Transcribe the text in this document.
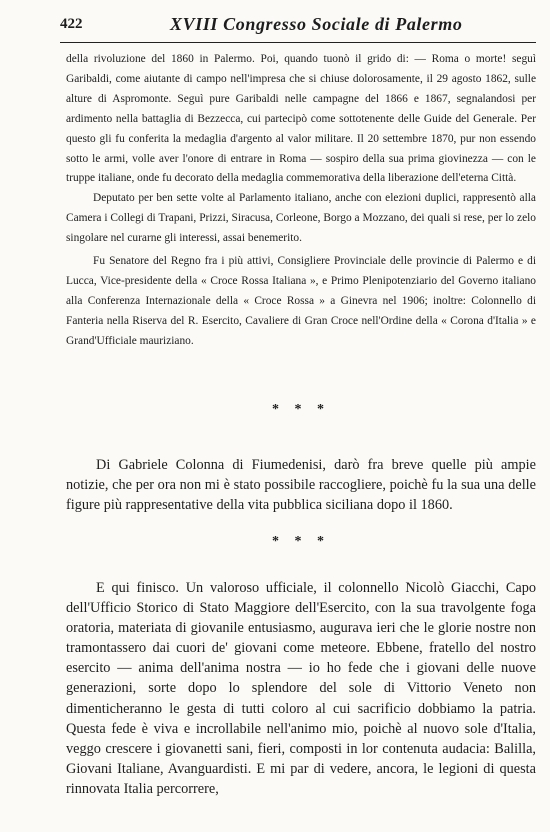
422	XVIII Congresso Sociale di Palermo

della rivoluzione del 1860 in Palermo. Poi, quando tuonò il grido di: — Roma o morte! seguì Garibaldi, come aiutante di campo nell'impresa che si chiuse dolorosamente, il 29 agosto 1862, sulle alture di Aspromonte. Seguì pure Garibaldi nelle campagne del 1866 e 1867, segnalandosi per ardimento nella battaglia di Bezzecca, cui partecipò come sottotenente delle Guide del Generale. Per questo gli fu conferita la medaglia d'argento al valor militare. Il 20 settembre 1870, pur non essendo sotto le armi, volle aver l'onore di entrare in Roma — sospiro della sua prima giovinezza — con le truppe italiane, onde fu decorato della medaglia commemorativa della liberazione dell'eterna Città.

Deputato per ben sette volte al Parlamento italiano, anche con elezioni duplici, rappresentò alla Camera i Collegi di Trapani, Prizzi, Siracusa, Corleone, Borgo a Mozzano, dei quali si rese, per lo zelo singolare nel curarne gli interessi, assai benemerito.

Fu Senatore del Regno fra i più attivi, Consigliere Provinciale delle provincie di Palermo e di Lucca, Vice-presidente della « Croce Rossa Italiana », e Primo Plenipotenziario del Governo italiano alla Conferenza Internazionale della « Croce Rossa » a Ginevra nel 1906; inoltre: Colonnello di Fanteria nella Riserva del R. Esercito, Cavaliere di Gran Croce nell'Ordine della « Corona d'Italia » e Grand'Ufficiale mauriziano.

* * *

Di Gabriele Colonna di Fiumedenisi, darò fra breve quelle più ampie notizie, che per ora non mi è stato possibile raccogliere, poichè fu la sua una delle figure più rappresentative della vita pubblica siciliana dopo il 1860.

* * *

E qui finisco. Un valoroso ufficiale, il colonnello Nicolò Giacchi, Capo dell'Ufficio Storico di Stato Maggiore dell'Esercito, con la sua travolgente foga oratoria, materiata di giovanile entusiasmo, augurava ieri che le glorie nostre non tramontassero dai cuori de' giovani come meteore. Ebbene, fratello del nostro esercito — anima dell'anima nostra — io ho fede che i giovani delle nuove generazioni, sorte dopo lo splendore del sole di Vittorio Veneto non dimenticheranno le gesta di tutti coloro al cui sacrificio dobbiamo la patria. Questa fede è viva e incrollabile nell'animo mio, poichè al nuovo sole d'Italia, veggo crescere i giovanetti sani, fieri, composti in lor contenuta audacia: Balilla, Giovani Italiane, Avanguardisti. E mi par di vedere, ancora, le legioni di questa rinnovata Italia percorrere,
